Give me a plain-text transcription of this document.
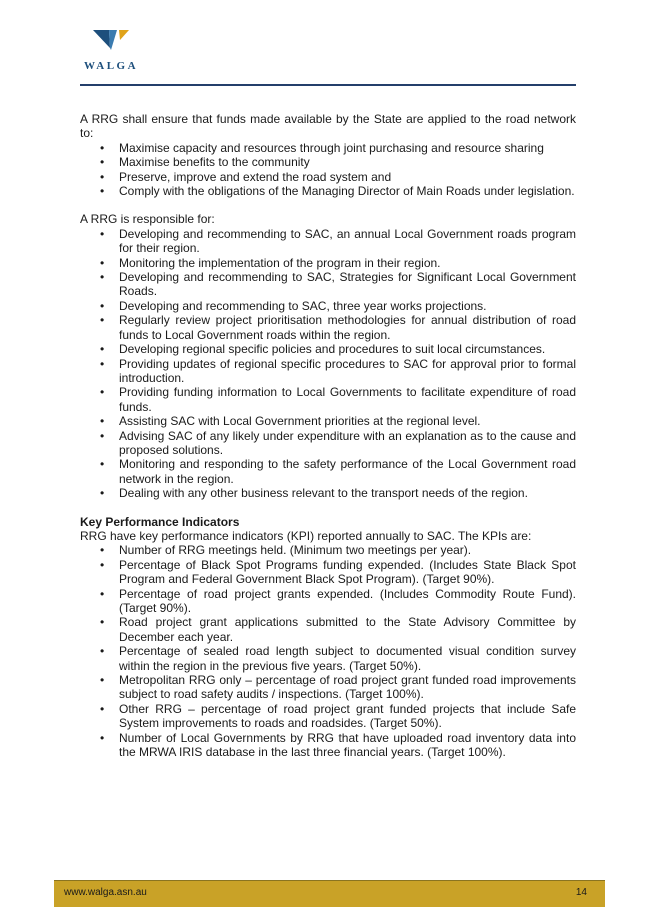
WALGA

A RRG shall ensure that funds made available by the State are applied to the road network to:

• Maximise capacity and resources through joint purchasing and resource sharing
• Maximise benefits to the community
• Preserve, improve and extend the road system and
• Comply with the obligations of the Managing Director of Main Roads under legislation.

A RRG is responsible for:

• Developing and recommending to SAC, an annual Local Government roads program for their region.
• Monitoring the implementation of the program in their region.
• Developing and recommending to SAC, Strategies for Significant Local Government Roads.
• Developing and recommending to SAC, three year works projections.
• Regularly review project prioritisation methodologies for annual distribution of road funds to Local Government roads within the region.
• Developing regional specific policies and procedures to suit local circumstances.
• Providing updates of regional specific procedures to SAC for approval prior to formal introduction.
• Providing funding information to Local Governments to facilitate expenditure of road funds.
• Assisting SAC with Local Government priorities at the regional level.
• Advising SAC of any likely under expenditure with an explanation as to the cause and proposed solutions.
• Monitoring and responding to the safety performance of the Local Government road network in the region.
• Dealing with any other business relevant to the transport needs of the region.

Key Performance Indicators

RRG have key performance indicators (KPI) reported annually to SAC. The KPIs are:

• Number of RRG meetings held. (Minimum two meetings per year).
• Percentage of Black Spot Programs funding expended. (Includes State Black Spot Program and Federal Government Black Spot Program). (Target 90%).
• Percentage of road project grants expended. (Includes Commodity Route Fund). (Target 90%).
• Road project grant applications submitted to the State Advisory Committee by December each year.
• Percentage of sealed road length subject to documented visual condition survey within the region in the previous five years. (Target 50%).
• Metropolitan RRG only – percentage of road project grant funded road improvements subject to road safety audits / inspections. (Target 100%).
• Other RRG – percentage of road project grant funded projects that include Safe System improvements to roads and roadsides. (Target 50%).
• Number of Local Governments by RRG that have uploaded road inventory data into the MRWA IRIS database in the last three financial years. (Target 100%).
www.walga.asn.au	14
